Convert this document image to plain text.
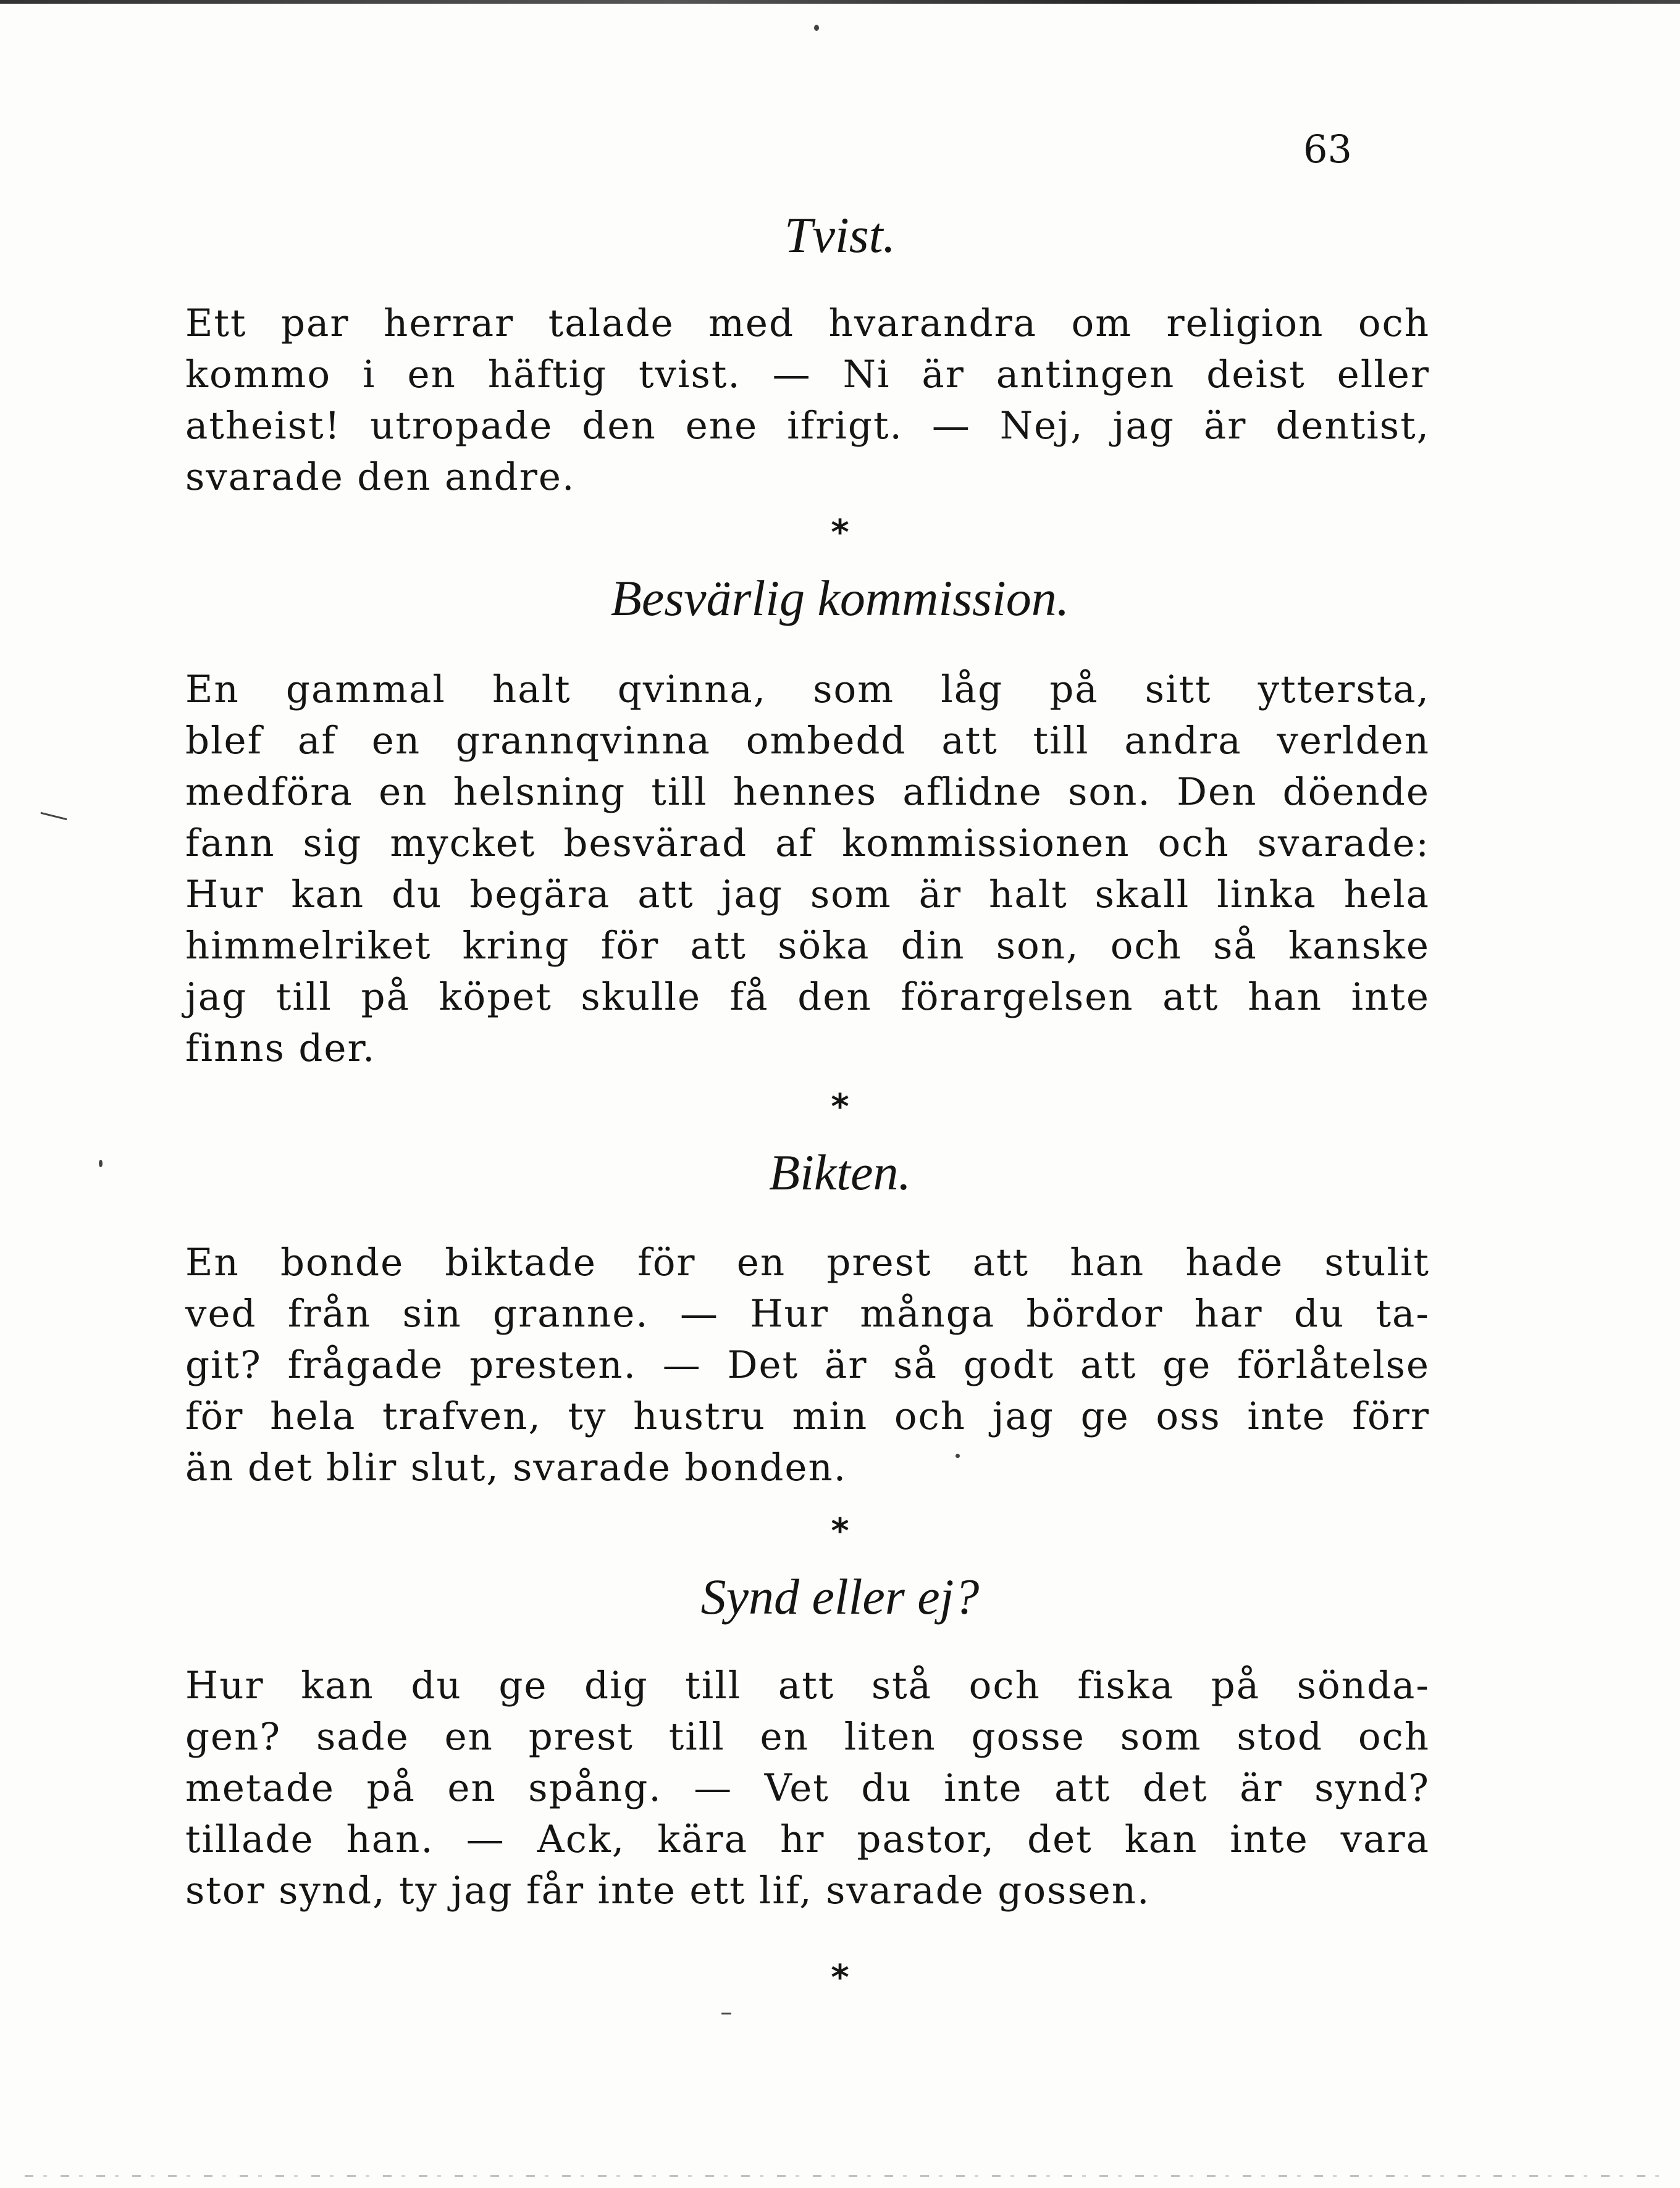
63
Tvist.
Ett par herrar talade med hvarandra om religion och
kommo i en häftig tvist. — Ni är antingen deist eller
atheist! utropade den ene ifrigt. — Nej, jag är dentist,
svarade den andre.
*
Besvärlig kommission.
En gammal halt qvinna, som låg på sitt yttersta,
blef af en grannqvinna ombedd att till andra verlden
medföra en helsning till hennes aflidne son. Den döende
fann sig mycket besvärad af kommissionen och svarade:
Hur kan du begära att jag som är halt skall linka hela
himmelriket kring för att söka din son, och så kanske
jag till på köpet skulle få den förargelsen att han inte
finns der.
*
Bikten.
En bonde biktade för en prest att han hade stulit
ved från sin granne. — Hur många bördor har du ta-
git? frågade presten. — Det är så godt att ge förlåtelse
för hela trafven, ty hustru min och jag ge oss inte förr
än det blir slut, svarade bonden.
*
Synd eller ej?
Hur kan du ge dig till att stå och fiska på sönda-
gen? sade en prest till en liten gosse som stod och
metade på en spång. — Vet du inte att det är synd?
tillade han. — Ack, kära hr pastor, det kan inte vara
stor synd, ty jag får inte ett lif, svarade gossen.
*
